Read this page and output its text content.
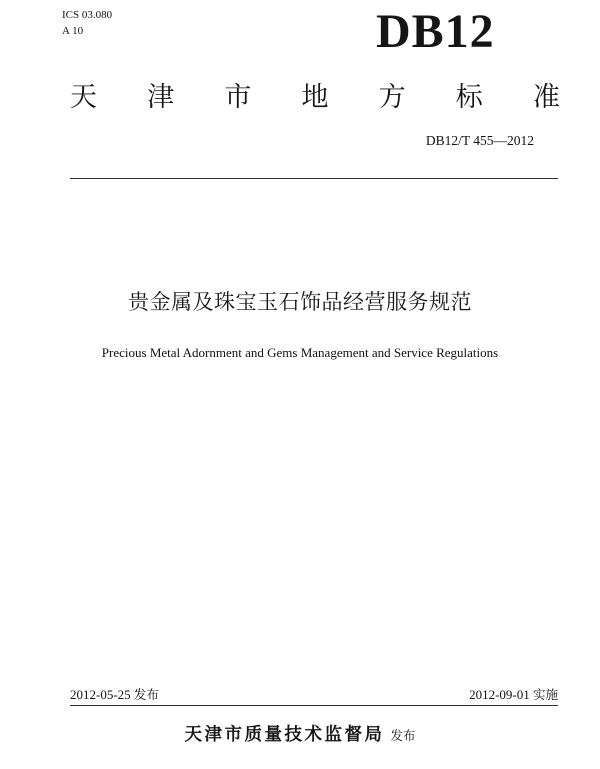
ICS 03.080
A 10	DB12
天 津 市 地 方 标 准
DB12/T 455—2012
贵金属及珠宝玉石饰品经营服务规范
Precious Metal Adornment and Gems Management and Service Regulations
2012-05-25 发布	2012-09-01 实施
天津市质量技术监督局 发布
